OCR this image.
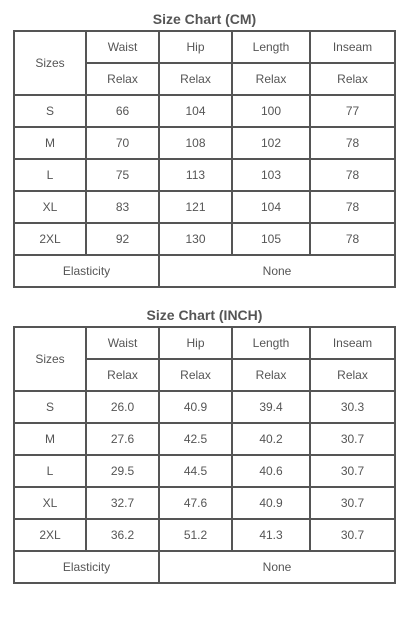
Size Chart (CM)
Sizes	Waist	Hip	Length	Inseam
	Relax	Relax	Relax	Relax
S	66	104	100	77
M	70	108	102	78
L	75	113	103	78
XL	83	121	104	78
2XL	92	130	105	78
Elasticity		None		
Size Chart (INCH)
Sizes	Waist	Hip	Length	Inseam
	Relax	Relax	Relax	Relax
S	26.0	40.9	39.4	30.3
M	27.6	42.5	40.2	30.7
L	29.5	44.5	40.6	30.7
XL	32.7	47.6	40.9	30.7
2XL	36.2	51.2	41.3	30.7
Elasticity		None		
